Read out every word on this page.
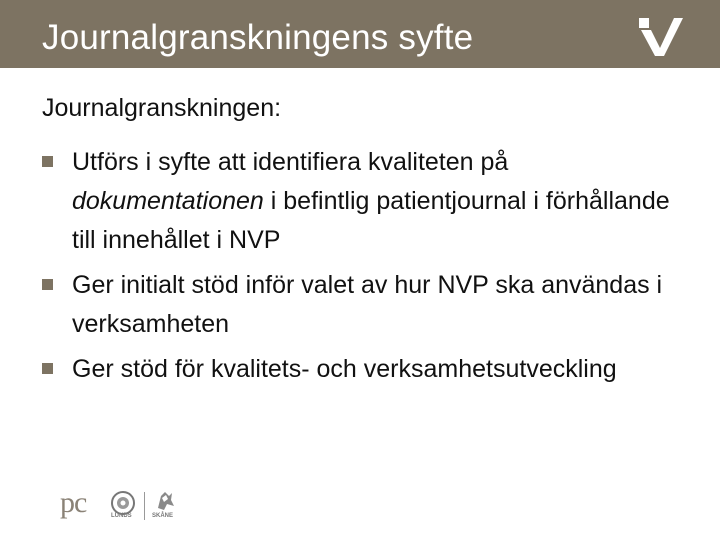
Journalgranskningens syfte
Journalgranskningen:
Utförs i syfte att identifiera kvaliteten på dokumentationen i befintlig patientjournal i förhållande till innehållet i NVP
Ger initialt stöd inför valet av hur NVP ska användas i verksamheten
Ger stöd för kvalitets- och verksamhetsutveckling
pc	LUNDS	SKÅNE
